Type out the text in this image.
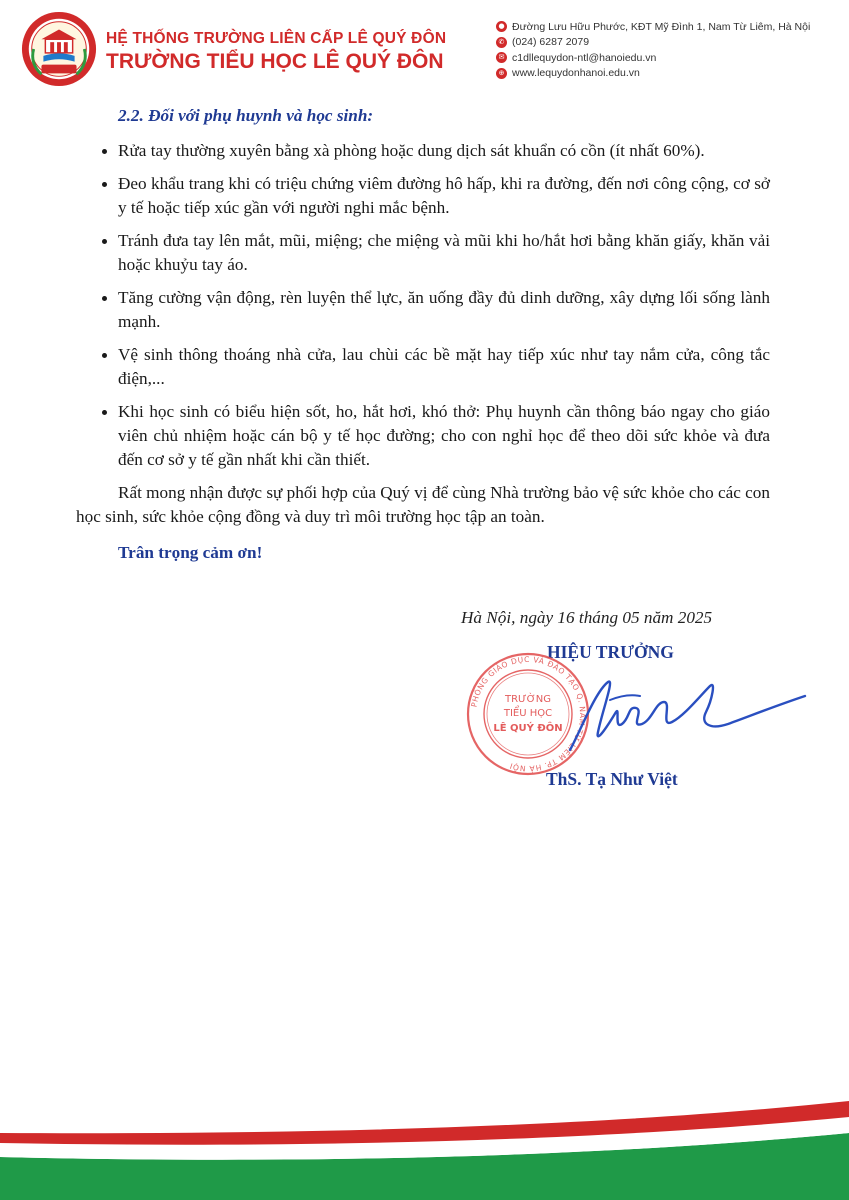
HỆ THỐNG TRƯỜNG LIÊN CẤP LÊ QUÝ ĐÔN
TRƯỜNG TIỂU HỌC LÊ QUÝ ĐÔN
● Đường Lưu Hữu Phước, KĐT Mỹ Đình 1, Nam Từ Liêm, Hà Nội
✆ (024) 6287 2079
✉ c1dllequydon-ntl@hanoiedu.vn
⊕ www.lequydonhanoi.edu.vn
2.2. Đối với phụ huynh và học sinh:
Rửa tay thường xuyên bằng xà phòng hoặc dung dịch sát khuẩn có cồn (ít nhất 60%).
Đeo khẩu trang khi có triệu chứng viêm đường hô hấp, khi ra đường, đến nơi công cộng, cơ sở y tế hoặc tiếp xúc gần với người nghi mắc bệnh.
Tránh đưa tay lên mắt, mũi, miệng; che miệng và mũi khi ho/hắt hơi bằng khăn giấy, khăn vải hoặc khuỷu tay áo.
Tăng cường vận động, rèn luyện thể lực, ăn uống đầy đủ dinh dưỡng, xây dựng lối sống lành mạnh.
Vệ sinh thông thoáng nhà cửa, lau chùi các bề mặt hay tiếp xúc như tay nắm cửa, công tắc điện,...
Khi học sinh có biểu hiện sốt, ho, hắt hơi, khó thở: Phụ huynh cần thông báo ngay cho giáo viên chủ nhiệm hoặc cán bộ y tế học đường; cho con nghỉ học để theo dõi sức khỏe và đưa đến cơ sở y tế gần nhất khi cần thiết.
Rất mong nhận được sự phối hợp của Quý vị để cùng Nhà trường bảo vệ sức khỏe cho các con học sinh, sức khỏe cộng đồng và duy trì môi trường học tập an toàn.
Trân trọng cảm ơn!
Hà Nội, ngày 16 tháng 05 năm 2025
HIỆU TRƯỞNG
PHÒNG GIÁO DỤC VÀ ĐÀO TẠO Q. NAM TỪ LIÊM TP. HÀ NỘI
TRƯỜNG
TIỂU HỌC
LÊ QUÝ ĐÔN
ThS. Tạ Như Việt
